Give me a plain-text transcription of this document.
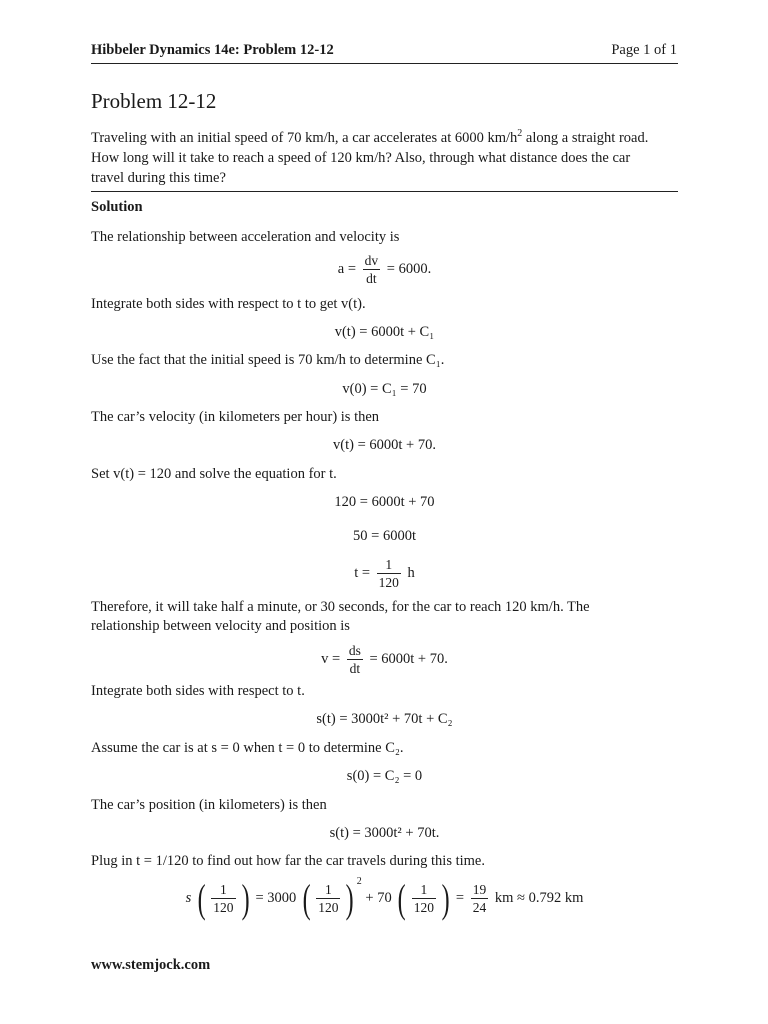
Hibbeler Dynamics 14e: Problem 12-12	Page 1 of 1
Problem 12-12

Traveling with an initial speed of 70 km/h, a car accelerates at 6000 $km/h^2$ along a straight road.

How long will it take to reach a speed of 120 km/h? Also, through what distance does the car

travel during this time?

Solution
The relationship between acceleration and velocity is
$a = \frac{dv}{dt} = 6000$.
Integrate both sides with respect to t to get v(t).
v(t) = 6000t + C₁
Use the fact that the initial speed is 70 km/h to determine C₁.
v(0) = C₁ = 70
The car’s velocity (in kilometers per hour) is then
v(t) = 6000t + 70.
Set v(t) = 120 and solve the equation for t.
120 = 6000t + 70
50 = 6000t
$t = \frac{1}{120}$ h
Therefore, it will take half a minute, or 30 seconds, for the car to reach 120 km/h. The
relationship between velocity and position is
$v = \frac{ds}{dt} = 6000t + 70$.
Integrate both sides with respect to t.
s(t) = 3000t² + 70t + C₂
Assume the car is at s = 0 when t = 0 to determine C₂.
s(0) = C₂ = 0
The car’s position (in kilometers) is then
s(t) = 3000t² + 70t.
Plug in t = 1/120 to find out how far the car travels during this time.
s ( $\frac{1}{120}$ ) = 3000 ( $\frac{1}{120}$ ) $^2$ + 70 ( $\frac{1}{120}$ ) = $\frac{19}{24}$ km ≈ 0.792 km
www.stemjock.com
